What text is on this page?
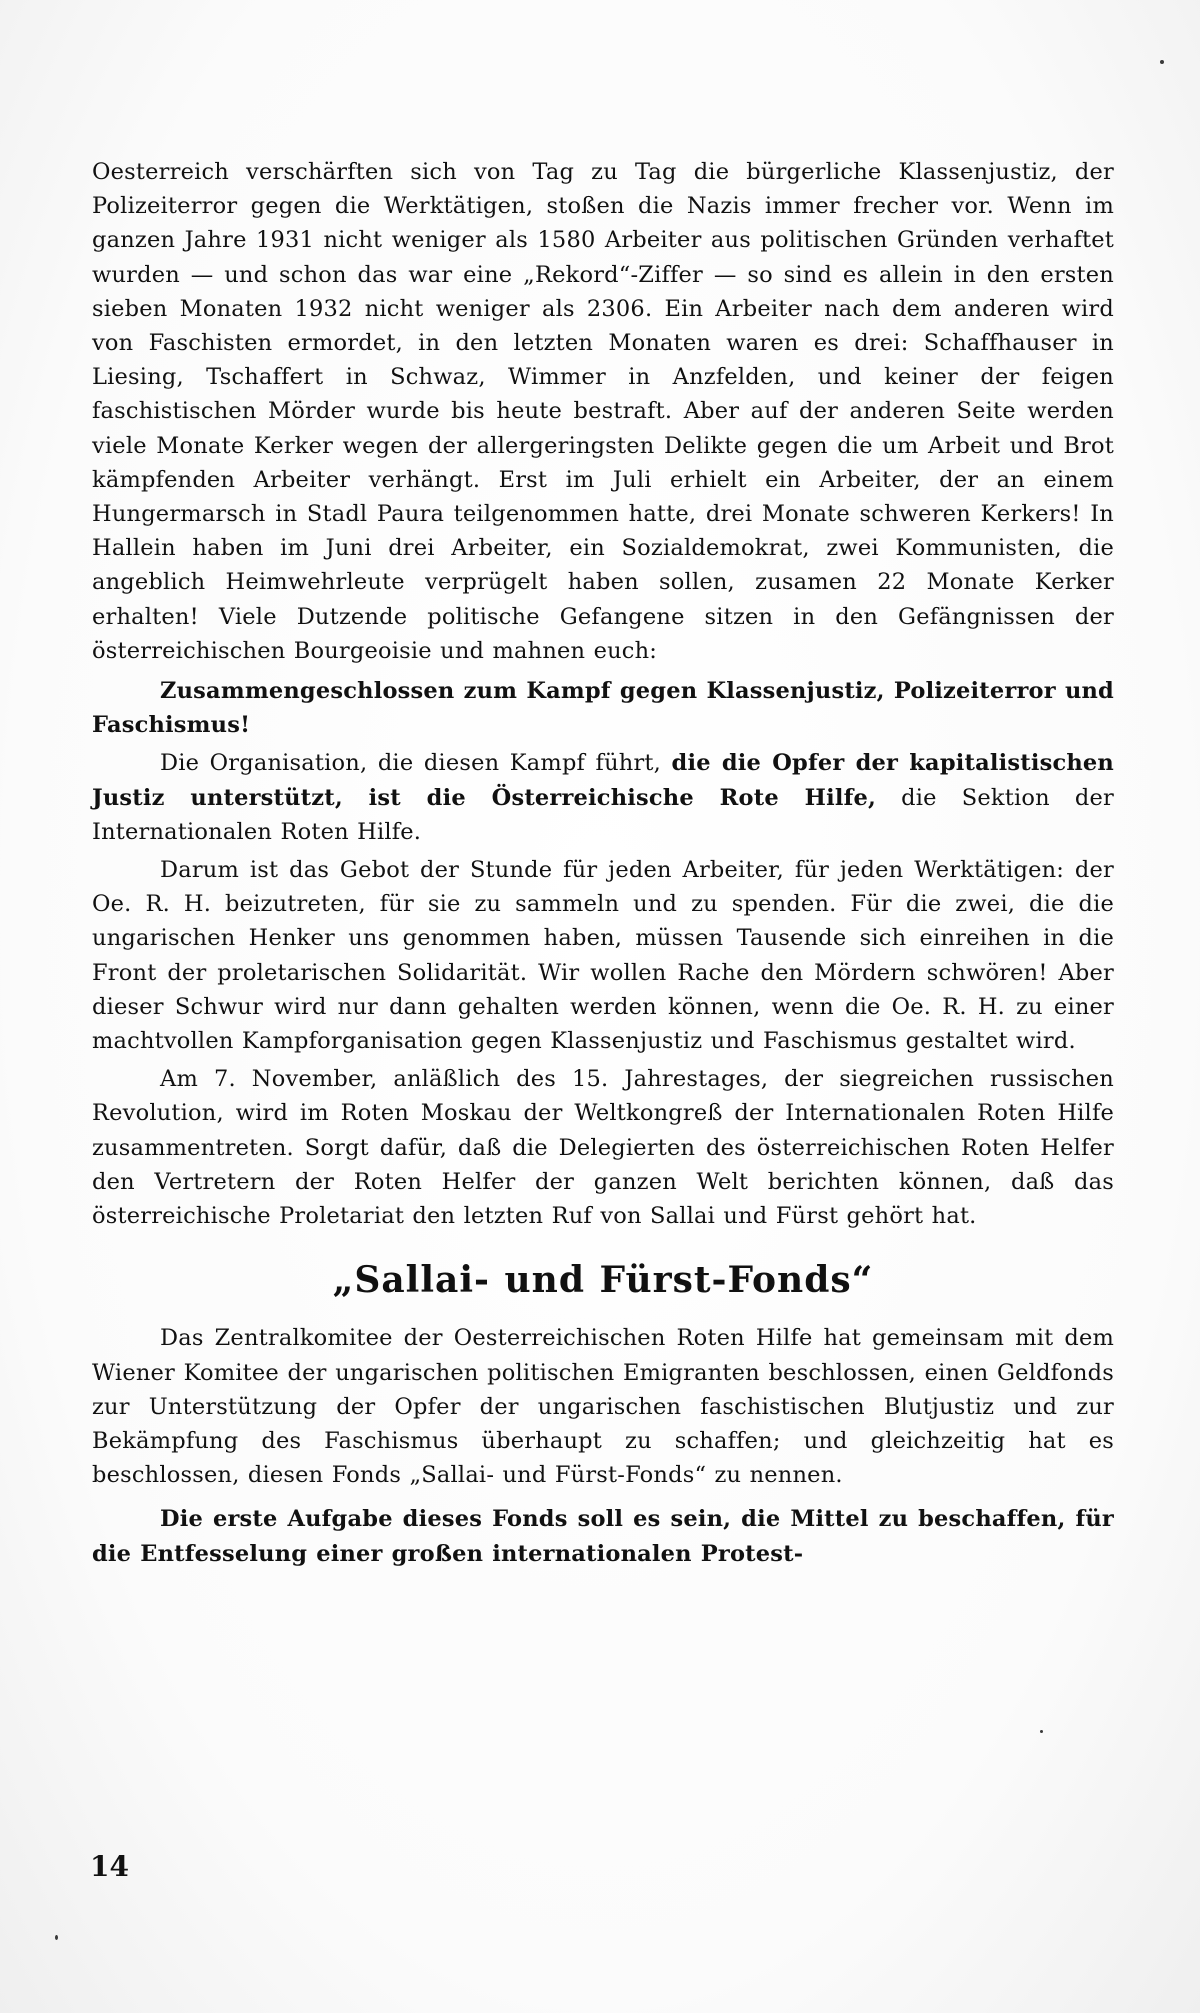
Oesterreich verschärften sich von Tag zu Tag die bürgerliche Klassenjustiz, der Polizeiterror gegen die Werktätigen, stoßen die Nazis immer frecher vor. Wenn im ganzen Jahre 1931 nicht weniger als 1580 Arbeiter aus politischen Gründen verhaftet wurden — und schon das war eine „Rekord“-Ziffer — so sind es allein in den ersten sieben Monaten 1932 nicht weniger als 2306. Ein Arbeiter nach dem anderen wird von Faschisten ermordet, in den letzten Monaten waren es drei: Schaffhauser in Liesing, Tschaffert in Schwaz, Wimmer in Anzfelden, und keiner der feigen faschistischen Mörder wurde bis heute bestraft. Aber auf der anderen Seite werden viele Monate Kerker wegen der allergeringsten Delikte gegen die um Arbeit und Brot kämpfenden Arbeiter verhängt. Erst im Juli erhielt ein Arbeiter, der an einem Hungermarsch in Stadl Paura teilgenommen hatte, drei Monate schweren Kerkers! In Hallein haben im Juni drei Arbeiter, ein Sozialdemokrat, zwei Kommunisten, die angeblich Heimwehrleute verprügelt haben sollen, zusamen 22 Monate Kerker erhalten! Viele Dutzende politische Gefangene sitzen in den Gefängnissen der österreichischen Bourgeoisie und mahnen euch:

Zusammengeschlossen zum Kampf gegen Klassenjustiz, Polizeiterror und Faschismus!

Die Organisation, die diesen Kampf führt, die die Opfer der kapitalistischen Justiz unterstützt, ist die Österreichische Rote Hilfe, die Sektion der Internationalen Roten Hilfe.

Darum ist das Gebot der Stunde für jeden Arbeiter, für jeden Werktätigen: der Oe. R. H. beizutreten, für sie zu sammeln und zu spenden. Für die zwei, die die ungarischen Henker uns genommen haben, müssen Tausende sich einreihen in die Front der proletarischen Solidarität. Wir wollen Rache den Mördern schwören! Aber dieser Schwur wird nur dann gehalten werden können, wenn die Oe. R. H. zu einer machtvollen Kampforganisation gegen Klassenjustiz und Faschismus gestaltet wird.

Am 7. November, anläßlich des 15. Jahrestages, der siegreichen russischen Revolution, wird im Roten Moskau der Weltkongreß der Internationalen Roten Hilfe zusammentreten. Sorgt dafür, daß die Delegierten des österreichischen Roten Helfer den Vertretern der Roten Helfer der ganzen Welt berichten können, daß das österreichische Proletariat den letzten Ruf von Sallai und Fürst gehört hat.

„Sallai- und Fürst-Fonds“

Das Zentralkomitee der Oesterreichischen Roten Hilfe hat gemeinsam mit dem Wiener Komitee der ungarischen politischen Emigranten beschlossen, einen Geldfonds zur Unterstützung der Opfer der ungarischen faschistischen Blutjustiz und zur Bekämpfung des Faschismus überhaupt zu schaffen; und gleichzeitig hat es beschlossen, diesen Fonds „Sallai- und Fürst-Fonds“ zu nennen.

Die erste Aufgabe dieses Fonds soll es sein, die Mittel zu beschaffen, für die Entfesselung einer großen internationalen Protest-

14
